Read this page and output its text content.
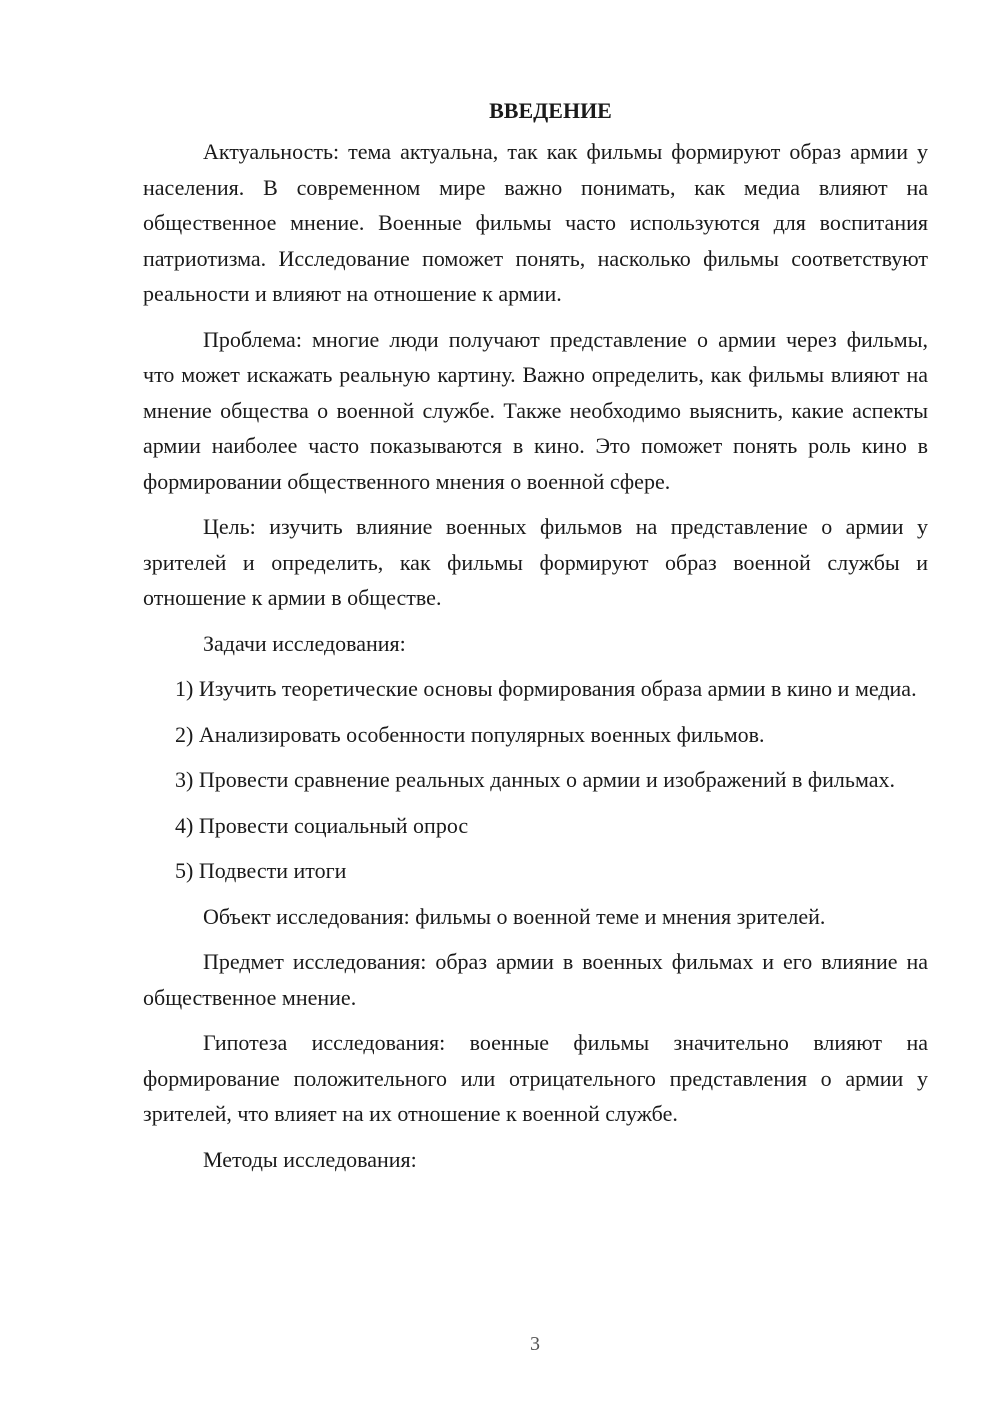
ВВЕДЕНИЕ

Актуальность: тема актуальна, так как фильмы формируют образ армии у населения. В современном мире важно понимать, как медиа влияют на общественное мнение. Военные фильмы часто используются для воспитания патриотизма. Исследование поможет понять, насколько фильмы соответствуют реальности и влияют на отношение к армии.

Проблема: многие люди получают представление о армии через фильмы, что может искажать реальную картину. Важно определить, как фильмы влияют на мнение общества о военной службе. Также необходимо выяснить, какие аспекты армии наиболее часто показываются в кино. Это поможет понять роль кино в формировании общественного мнения о военной сфере.

Цель: изучить влияние военных фильмов на представление о армии у зрителей и определить, как фильмы формируют образ военной службы и отношение к армии в обществе.

Задачи исследования:

1) Изучить теоретические основы формирования образа армии в кино и медиа.

2) Анализировать особенности популярных военных фильмов.

3) Провести сравнение реальных данных о армии и изображений в фильмах.

4) Провести социальный опрос

5) Подвести итоги

Объект исследования: фильмы о военной теме и мнения зрителей.

Предмет исследования: образ армии в военных фильмах и его влияние на общественное мнение.

Гипотеза исследования: военные фильмы значительно влияют на формирование положительного или отрицательного представления о армии у зрителей, что влияет на их отношение к военной службе.

Методы исследования:

3
